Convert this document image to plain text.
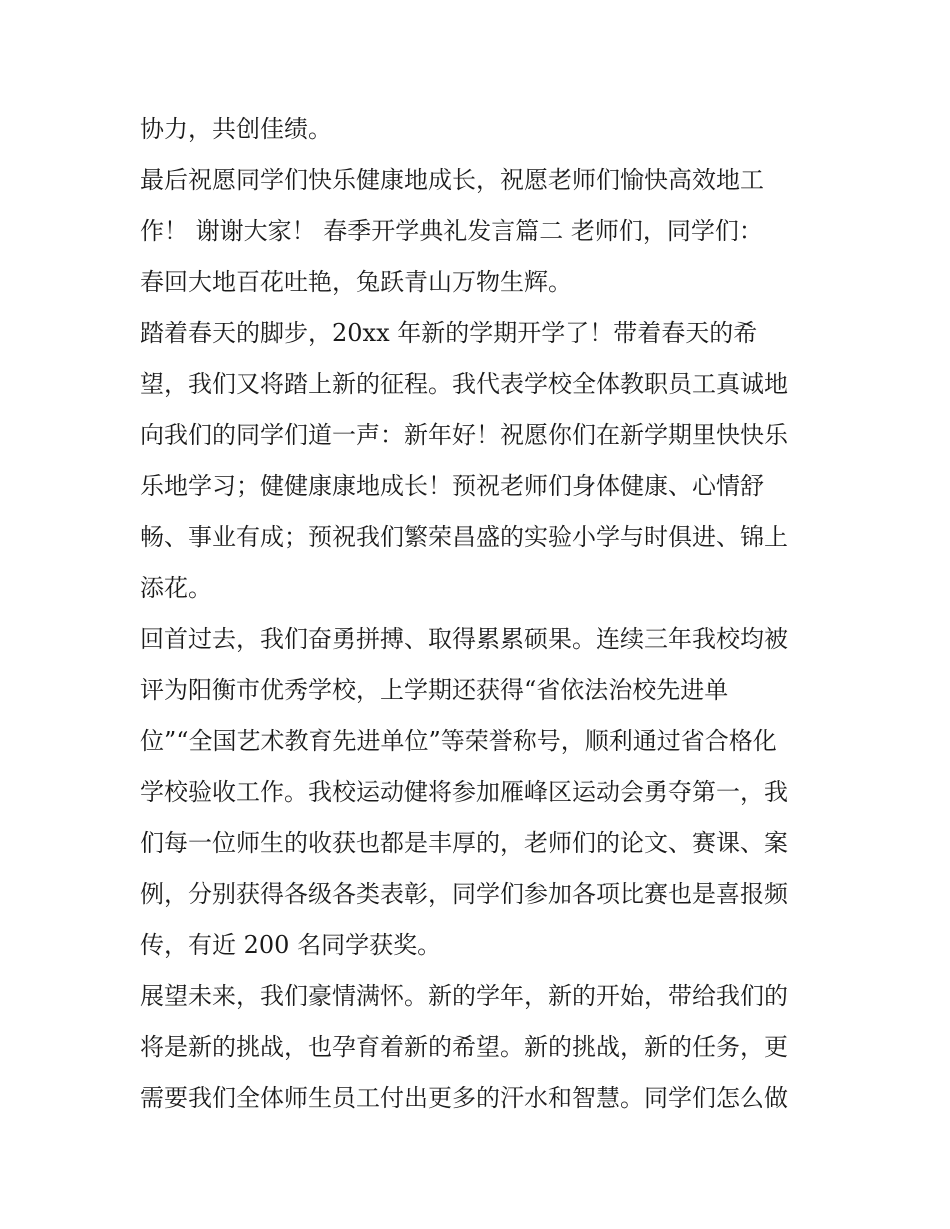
协力，共创佳绩。
最后祝愿同学们快乐健康地成长，祝愿老师们愉快高效地工
作！ 谢谢大家！ 春季开学典礼发言篇二 老师们，同学们：
春回大地百花吐艳，兔跃青山万物生辉。
踏着春天的脚步，20xx 年新的学期开学了！带着春天的希
望，我们又将踏上新的征程。我代表学校全体教职员工真诚地
向我们的同学们道一声：新年好！祝愿你们在新学期里快快乐
乐地学习；健健康康地成长！预祝老师们身体健康、心情舒
畅、事业有成；预祝我们繁荣昌盛的实验小学与时俱进、锦上
添花。
回首过去，我们奋勇拼搏、取得累累硕果。连续三年我校均被
评为阳衡市优秀学校，上学期还获得“省依法治校先进单
位”“全国艺术教育先进单位”等荣誉称号，顺利通过省合格化
学校验收工作。我校运动健将参加雁峰区运动会勇夺第一，我
们每一位师生的收获也都是丰厚的，老师们的论文、赛课、案
例，分别获得各级各类表彰，同学们参加各项比赛也是喜报频
传，有近 200 名同学获奖。
展望未来，我们豪情满怀。新的学年，新的开始，带给我们的
将是新的挑战，也孕育着新的希望。新的挑战，新的任务，更
需要我们全体师生员工付出更多的汗水和智慧。同学们怎么做
